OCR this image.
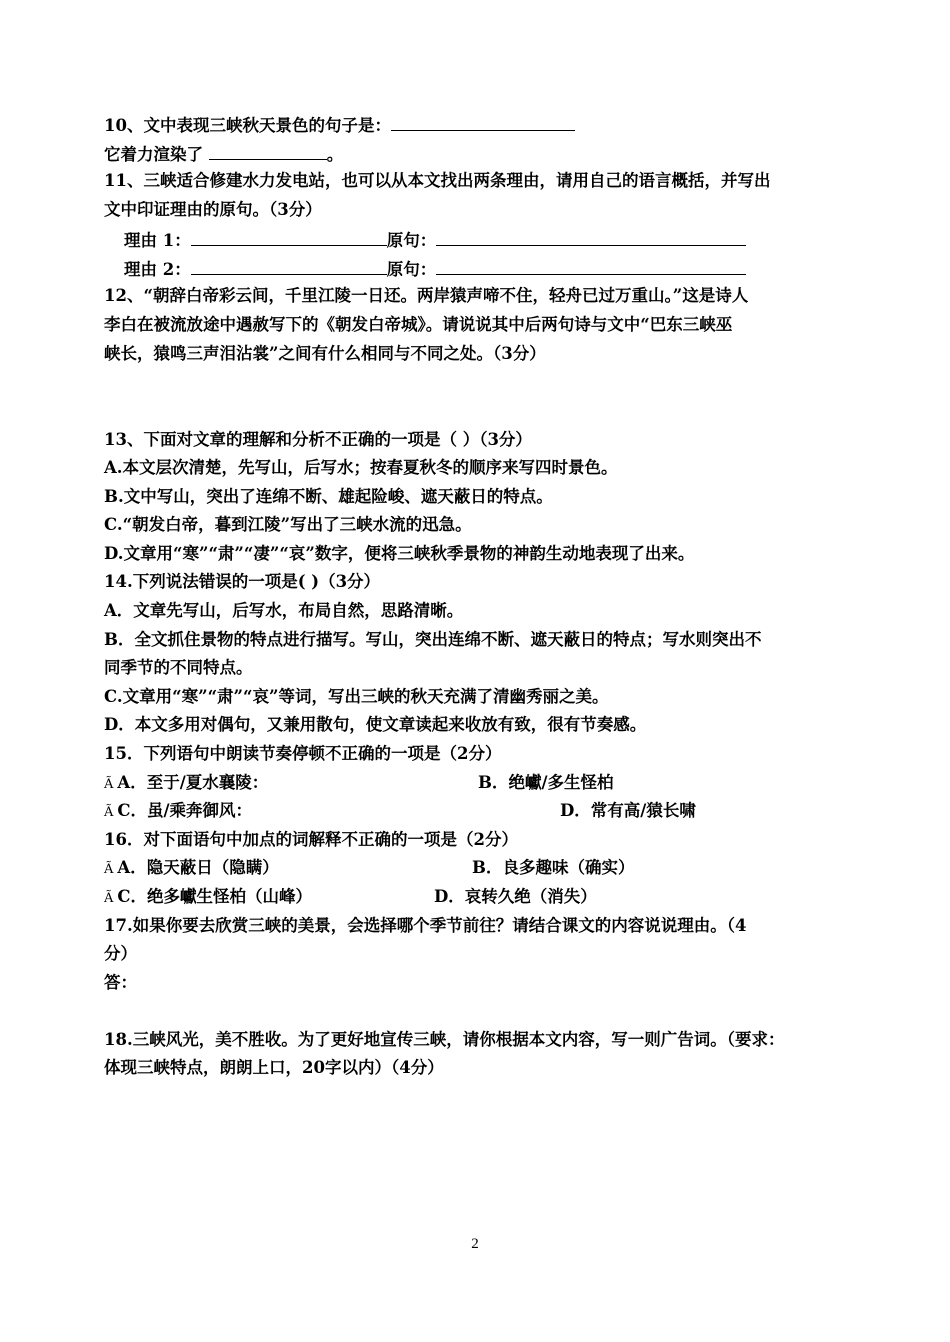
10、文中表现三峡秋天景色的句子是：
它着力渲染了	。
11、三峡适合修建水力发电站，也可以从本文找出两条理由，请用自己的语言概括，并写出
文中印证理由的原句。（3分）
理由 1：	原句：
理由 2：	原句：
12、“朝辞白帝彩云间，千里江陵一日还。两岸猿声啼不住，轻舟已过万重山。”这是诗人
李白在被流放途中遇赦写下的《朝发白帝城》。请说说其中后两句诗与文中“巴东三峡巫
峡长，猿鸣三声泪沾裳”之间有什么相同与不同之处。（3分）
13、下面对文章的理解和分析不正确的一项是（ ）（3分）
A.本文层次清楚，先写山，后写水；按春夏秋冬的顺序来写四时景色。
B.文中写山，突出了连绵不断、雄起险峻、遮天蔽日的特点。
C.“朝发白帝，暮到江陵”写出了三峡水流的迅急。
D.文章用“寒”“肃”“凄”“哀”数字，便将三峡秋季景物的神韵生动地表现了出来。
14.下列说法错误的一项是( )（3分）
A．文章先写山，后写水，布局自然，思路清晰。
B．全文抓住景物的特点进行描写。写山，突出连绵不断、遮天蔽日的特点；写水则突出不
同季节的不同特点。
C.文章用“寒”“肃”“哀”等词，写出三峡的秋天充满了清幽秀丽之美。
D．本文多用对偶句，又兼用散句，使文章读起来收放有致，很有节奏感。
15．下列语句中朗读节奏停顿不正确的一项是（2分）
Ã A．至于/夏水襄陵：	B．绝巘/多生怪柏
Ã C．虽/乘奔御风：	D．常有高/猿长啸
16．对下面语句中加点的词解释不正确的一项是（2分）
Ã A．隐天蔽日（隐瞒）	B．良多趣味（确实）
Ã C．绝多巘生怪柏（山峰）	D．哀转久绝（消失）
17.如果你要去欣赏三峡的美景，会选择哪个季节前往？请结合课文的内容说说理由。（4
分）
答：
18.三峡风光，美不胜收。为了更好地宣传三峡，请你根据本文内容，写一则广告词。（要求：
体现三峡特点，朗朗上口，20字以内）（4分）
2
